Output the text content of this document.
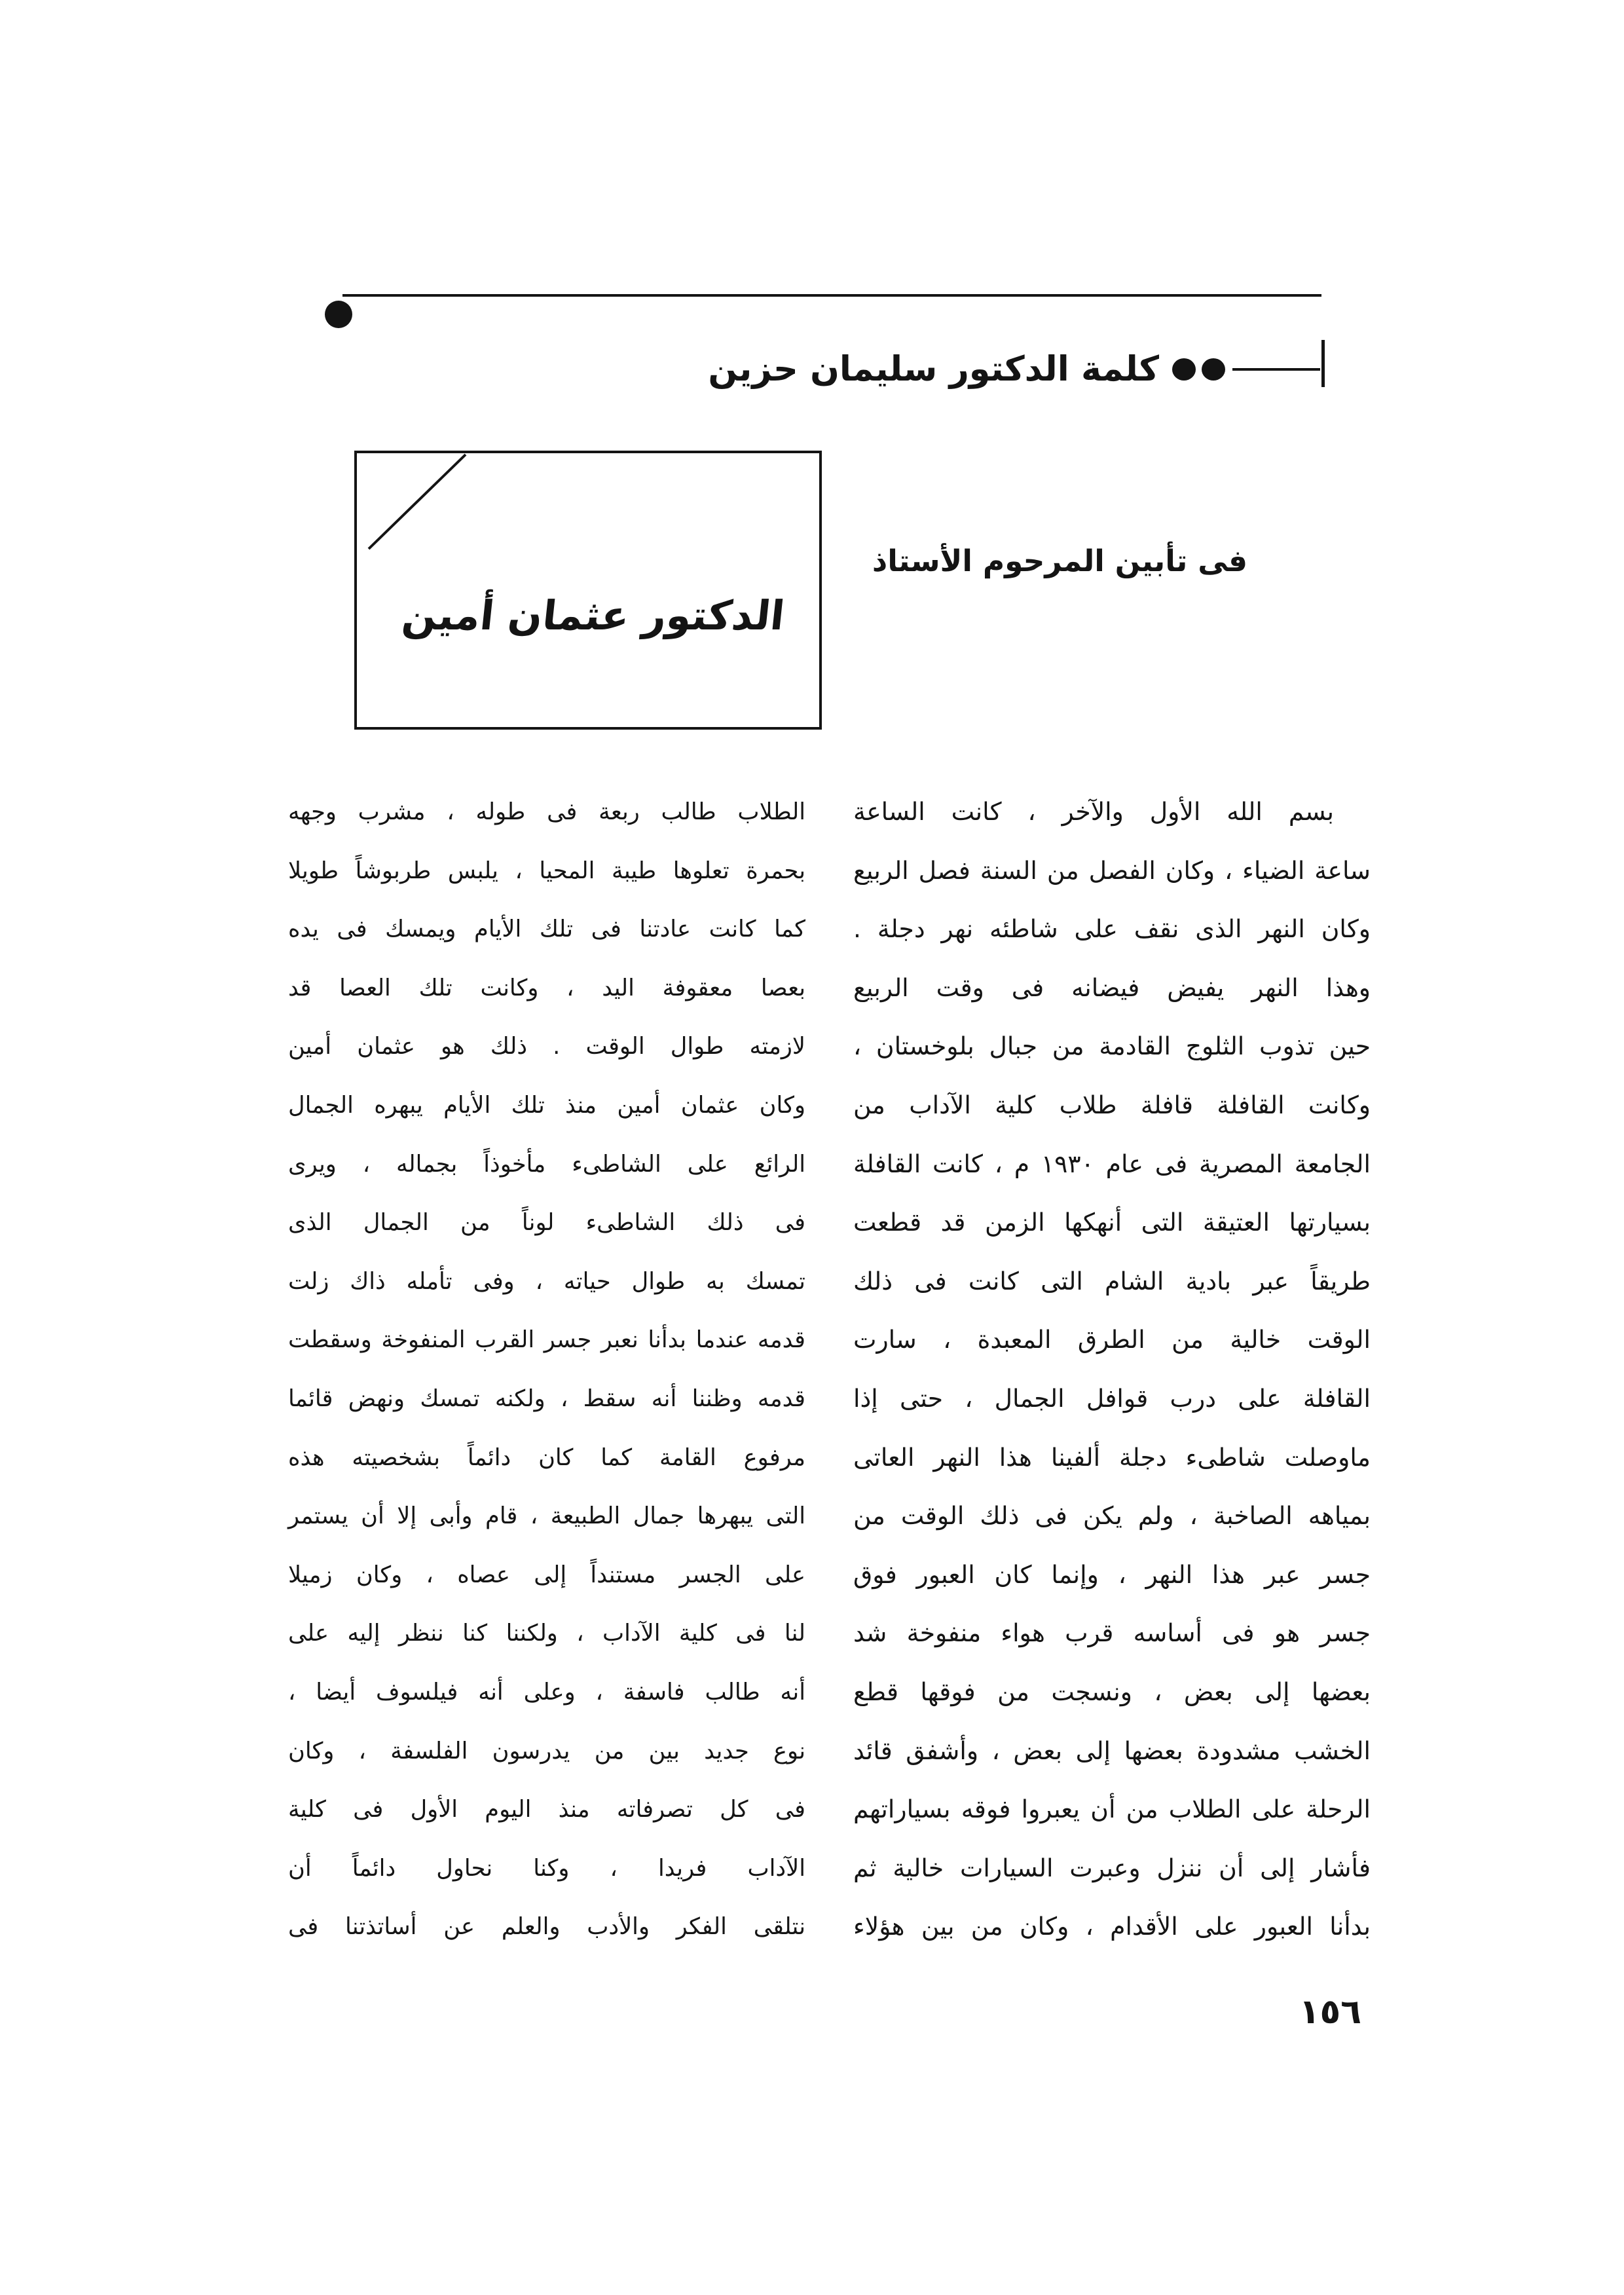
كلمة الدكتور سليمان حزين
الدكتور عثمان أمين
فى تأبين المرحوم الأستاذ
بسم الله الأول والآخر ، كانت الساعة
ساعة الضياء ، وكان الفصل من السنة فصل الربيع
وكان النهر الذى نقف على شاطئه نهر دجلة .
وهذا النهر يفيض فيضانه فى وقت الربيع
حين تذوب الثلوج القادمة من جبال بلوخستان ،
وكانت القافلة قافلة طلاب كلية الآداب من
الجامعة المصرية فى عام ١٩٣٠ م ، كانت القافلة
بسيارتها العتيقة التى أنهكها الزمن قد قطعت
طريقاً عبر بادية الشام التى كانت فى ذلك
الوقت خالية من الطرق المعبدة ، سارت
القافلة على درب قوافل الجمال ، حتى إذا
ماوصلت شاطىء دجلة ألفينا هذا النهر العاتى
بمياهه الصاخبة ، ولم يكن فى ذلك الوقت من
جسر عبر هذا النهر ، وإنما كان العبور فوق
جسر هو فى أساسه قرب هواء منفوخة شد
بعضها إلى بعض ، ونسجت من فوقها قطع
الخشب مشدودة بعضها إلى بعض ، وأشفق قائد
الرحلة على الطلاب من أن يعبروا فوقه بسياراتهم
فأشار إلى أن ننزل وعبرت السيارات خالية ثم
بدأنا العبور على الأقدام ، وكان من بين هؤلاء
الطلاب طالب ربعة فى طوله ، مشرب وجهه
بحمرة تعلوها طيبة المحيا ، يلبس طربوشاً طويلا
كما كانت عادتنا فى تلك الأيام ويمسك فى يده
بعصا معقوفة اليد ، وكانت تلك العصا قد
لازمته طوال الوقت . ذلك هو عثمان أمين
وكان عثمان أمين منذ تلك الأيام يبهره الجمال
الرائع على الشاطىء مأخوذاً بجماله ، ويرى
فى ذلك الشاطىء لوناً من الجمال الذى
تمسك به طوال حياته ، وفى تأمله ذاك زلت
قدمه عندما بدأنا نعبر جسر القرب المنفوخة وسقطت
قدمه وظننا أنه سقط ، ولكنه تمسك ونهض قائما
مرفوع القامة كما كان دائماً بشخصيته هذه
التى يبهرها جمال الطبيعة ، قام وأبى إلا أن يستمر
على الجسر مستنداً إلى عصاه ، وكان زميلا
لنا فى كلية الآداب ، ولكننا كنا ننظر إليه على
أنه طالب فاسفة ، وعلى أنه فيلسوف أيضا ،
نوع جديد بين من يدرسون الفلسفة ، وكان
فى كل تصرفاته منذ اليوم الأول فى كلية
الآداب فريدا ، وكنا نحاول دائماً أن
نتلقى الفكر والأدب والعلم عن أساتذتنا فى
١٥٦
